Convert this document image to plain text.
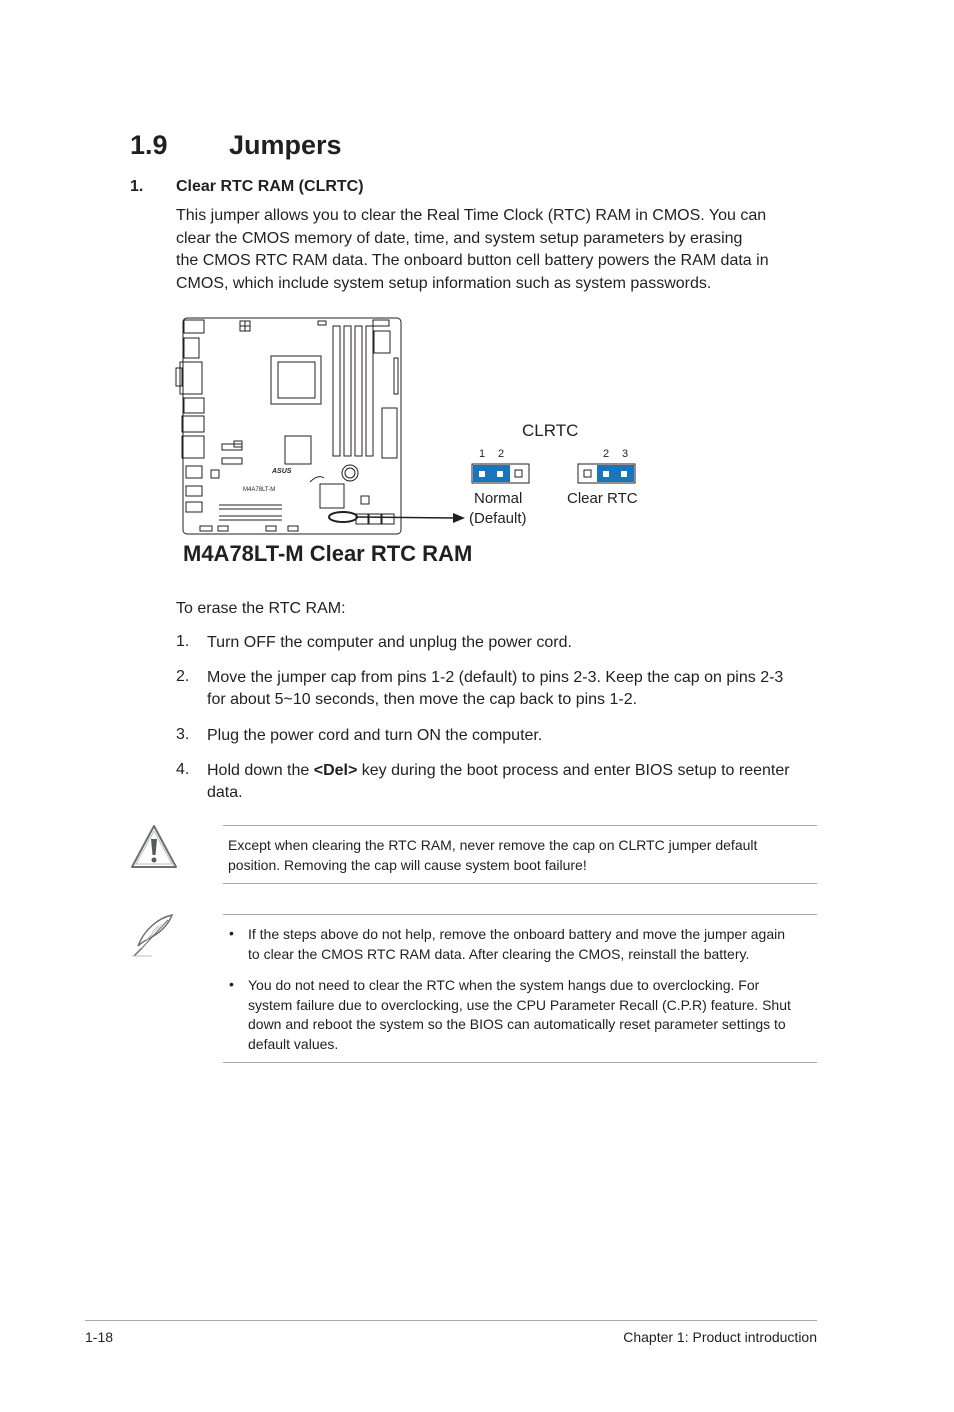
1.9 Jumpers
1. Clear RTC RAM (CLRTC)
This jumper allows you to clear the Real Time Clock (RTC) RAM in CMOS. You can
clear the CMOS memory of date, time, and system setup parameters by erasing
the CMOS RTC RAM data. The onboard button cell battery powers the RAM data in
CMOS, which include system setup information such as system passwords.
ASUS
M4A78LT-M
CLRTC
1 2	2 3
Normal
(Default)
Clear RTC
M4A78LT-M Clear RTC RAM
To erase the RTC RAM:
1. Turn OFF the computer and unplug the power cord.
2. Move the jumper cap from pins 1-2 (default) to pins 2-3. Keep the cap on pins 2-3
for about 5~10 seconds, then move the cap back to pins 1-2.
3. Plug the power cord and turn ON the computer.
4. Hold down the <Del> key during the boot process and enter BIOS setup to reenter
data.
Except when clearing the RTC RAM, never remove the cap on CLRTC jumper default
position. Removing the cap will cause system boot failure!
• If the steps above do not help, remove the onboard battery and move the jumper again
to clear the CMOS RTC RAM data. After clearing the CMOS, reinstall the battery.
• You do not need to clear the RTC when the system hangs due to overclocking. For
system failure due to overclocking, use the CPU Parameter Recall (C.P.R) feature. Shut
down and reboot the system so the BIOS can automatically reset parameter settings to
default values.
1-18	Chapter 1: Product introduction
